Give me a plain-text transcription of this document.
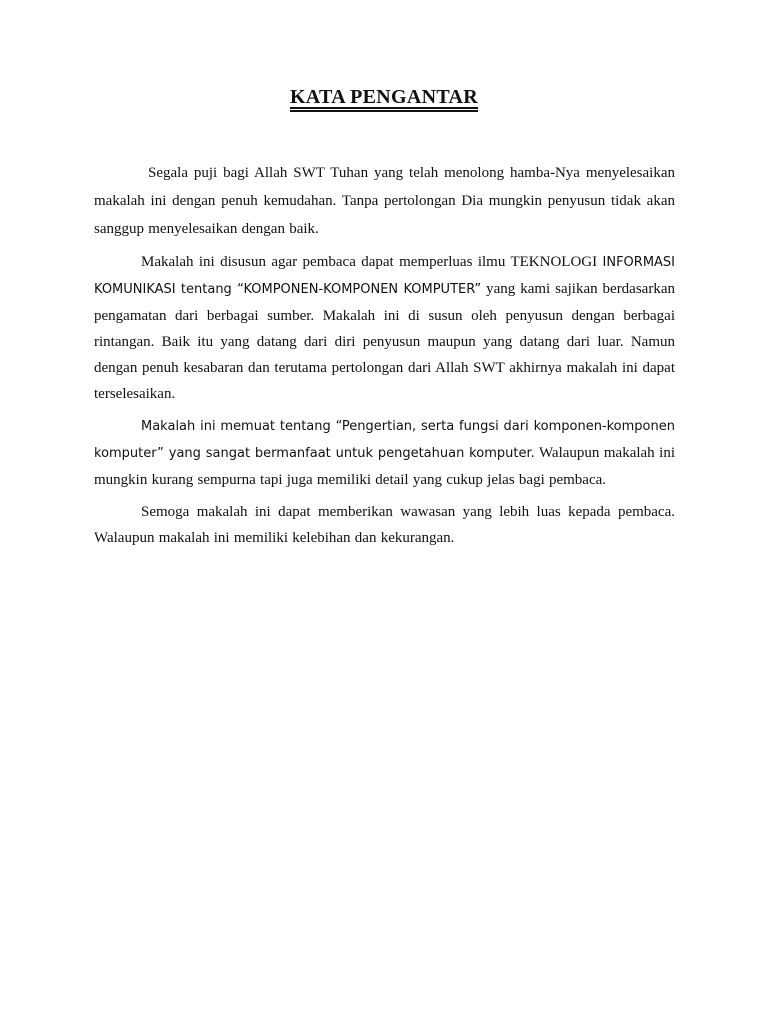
KATA PENGANTAR

Segala puji bagi Allah SWT Tuhan yang telah menolong hamba-Nya menyelesaikan makalah ini dengan penuh kemudahan. Tanpa pertolongan Dia mungkin penyusun tidak akan sanggup menyelesaikan dengan baik.

Makalah ini disusun agar pembaca dapat memperluas ilmu TEKNOLOGI INFORMASI KOMUNIKASI tentang “KOMPONEN-KOMPONEN KOMPUTER” yang kami sajikan berdasarkan pengamatan dari berbagai sumber. Makalah ini di susun oleh penyusun dengan berbagai rintangan. Baik itu yang datang dari diri penyusun maupun yang datang dari luar. Namun dengan penuh kesabaran dan terutama pertolongan dari Allah SWT akhirnya makalah ini dapat terselesaikan.

Makalah ini memuat tentang “Pengertian, serta fungsi dari komponen-komponen komputer” yang sangat bermanfaat untuk pengetahuan komputer. Walaupun makalah ini mungkin kurang sempurna tapi juga memiliki detail yang cukup jelas bagi pembaca.

Semoga makalah ini dapat memberikan wawasan yang lebih luas kepada pembaca. Walaupun makalah ini memiliki kelebihan dan kekurangan.
